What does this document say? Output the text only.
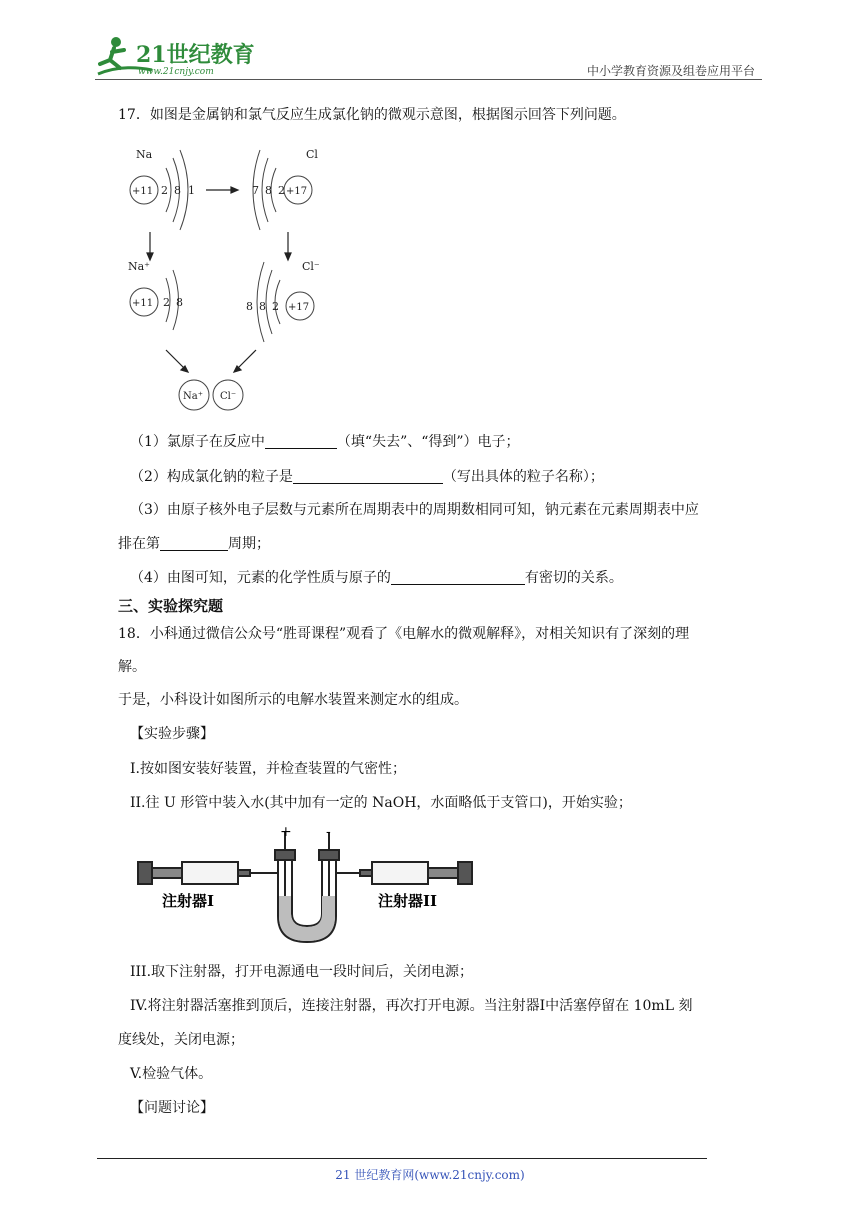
21世纪教育
www.21cnjy.com	中小学教育资源及组卷应用平台
17．如图是金属钠和氯气反应生成氯化钠的微观示意图，根据图示回答下列问题。
Na
+11 2 8 1
Cl
+17
7 8 2
Na⁺
+11 2 8
Cl⁻
+17
8 8 2
Na⁺ Cl⁻
（1）氯原子在反应中	（填“失去”、“得到”）电子；
（2）构成氯化钠的粒子是	（写出具体的粒子名称）；
（3）由原子核外电子层数与元素所在周期表中的周期数相同可知，钠元素在元素周期表中应
排在第	周期；
（4）由图可知，元素的化学性质与原子的	有密切的关系。
三、实验探究题
18．小科通过微信公众号“胜哥课程”观看了《电解水的微观解释》，对相关知识有了深刻的理
解。
于是，小科设计如图所示的电解水装置来测定水的组成。
【实验步骤】
I.按如图安装好装置，并检查装置的气密性；
II.往 U 形管中装入水(其中加有一定的 NaOH，水面略低于支管口)，开始实验；
+ -
注射器I	注射器II
III.取下注射器，打开电源通电一段时间后，关闭电源；
IV.将注射器活塞推到顶后，连接注射器，再次打开电源。当注射器Ⅰ中活塞停留在 10mL 刻
度线处，关闭电源；
V.检验气体。
【问题讨论】
21 世纪教育网(www.21cnjy.com)
